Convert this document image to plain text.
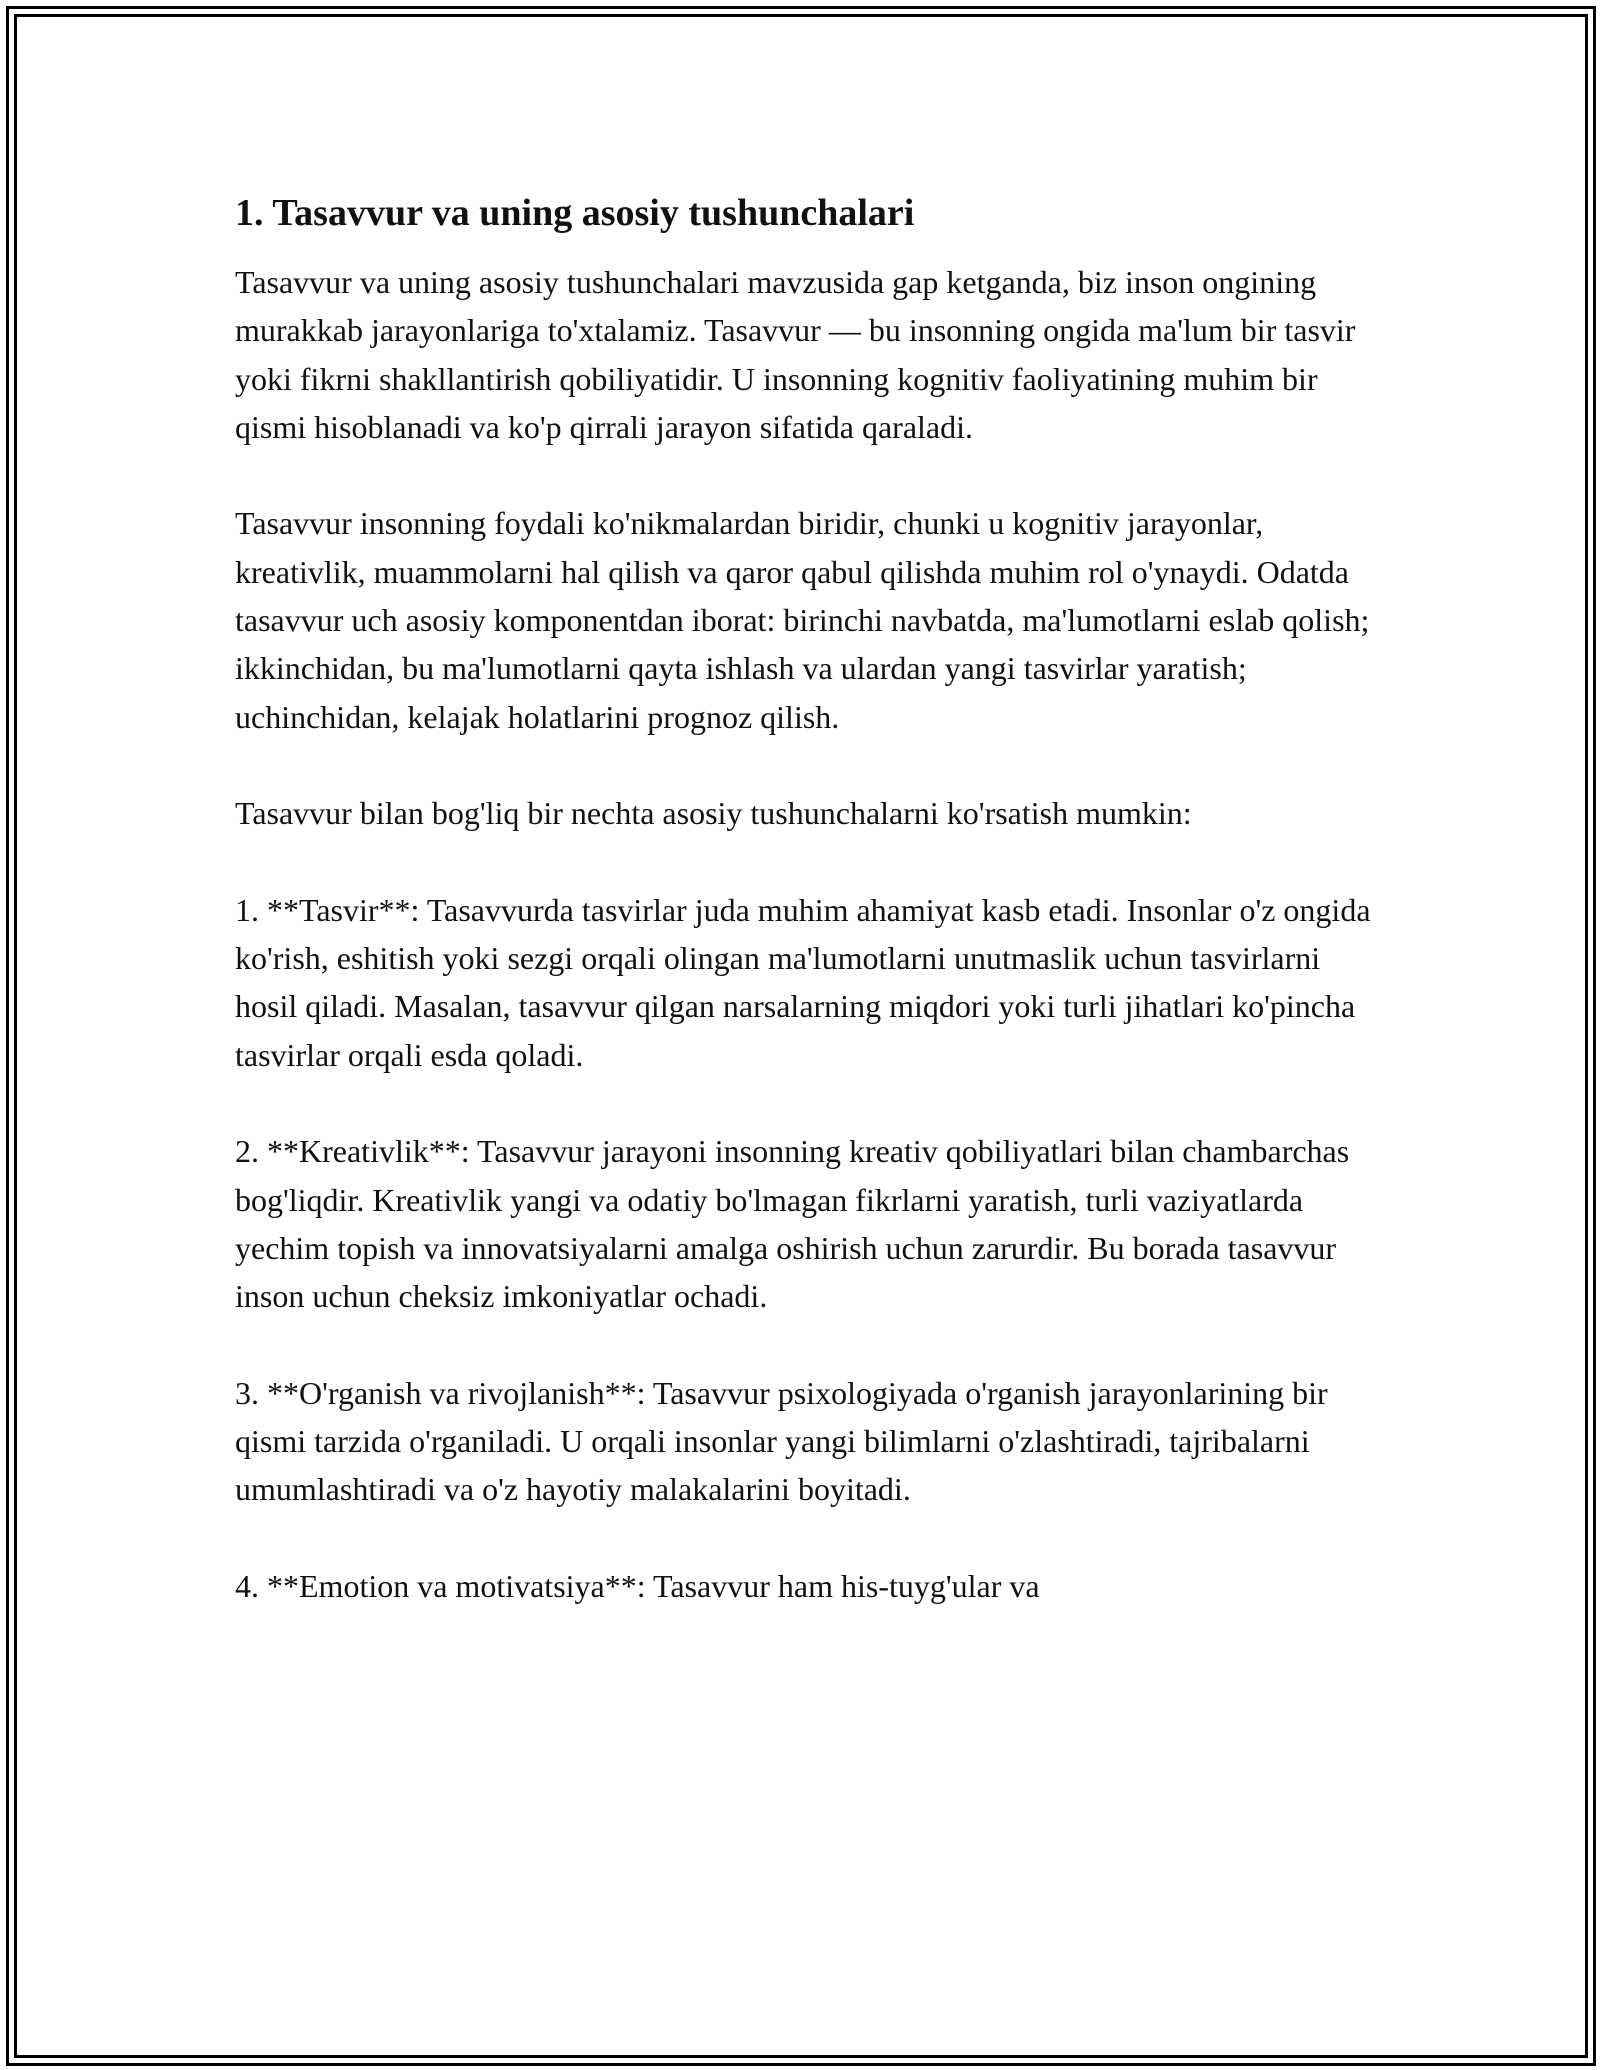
1. Tasavvur va uning asosiy tushunchalari

Tasavvur va uning asosiy tushunchalari mavzusida gap ketganda, biz inson ongining murakkab jarayonlariga to'xtalamiz. Tasavvur — bu insonning ongida ma'lum bir tasvir yoki fikrni shakllantirish qobiliyatidir. U insonning kognitiv faoliyatining muhim bir qismi hisoblanadi va ko'p qirrali jarayon sifatida qaraladi.

Tasavvur insonning foydali ko'nikmalardan biridir, chunki u kognitiv jarayonlar, kreativlik, muammolarni hal qilish va qaror qabul qilishda muhim rol o'ynaydi. Odatda tasavvur uch asosiy komponentdan iborat: birinchi navbatda, ma'lumotlarni eslab qolish; ikkinchidan, bu ma'lumotlarni qayta ishlash va ulardan yangi tasvirlar yaratish; uchinchidan, kelajak holatlarini prognoz qilish.

Tasavvur bilan bog'liq bir nechta asosiy tushunchalarni ko'rsatish mumkin:

1. **Tasvir**: Tasavvurda tasvirlar juda muhim ahamiyat kasb etadi. Insonlar o'z ongida ko'rish, eshitish yoki sezgi orqali olingan ma'lumotlarni unutmaslik uchun tasvirlarni hosil qiladi. Masalan, tasavvur qilgan narsalarning miqdori yoki turli jihatlari ko'pincha tasvirlar orqali esda qoladi.

2. **Kreativlik**: Tasavvur jarayoni insonning kreativ qobiliyatlari bilan chambarchas bog'liqdir. Kreativlik yangi va odatiy bo'lmagan fikrlarni yaratish, turli vaziyatlarda yechim topish va innovatsiyalarni amalga oshirish uchun zarurdir. Bu borada tasavvur inson uchun cheksiz imkoniyatlar ochadi.

3. **O'rganish va rivojlanish**: Tasavvur psixologiyada o'rganish jarayonlarining bir qismi tarzida o'rganiladi. U orqali insonlar yangi bilimlarni o'zlashtiradi, tajribalarni umumlashtiradi va o'z hayotiy malakalarini boyitadi.

4. **Emotion va motivatsiya**: Tasavvur ham his-tuyg'ular va
